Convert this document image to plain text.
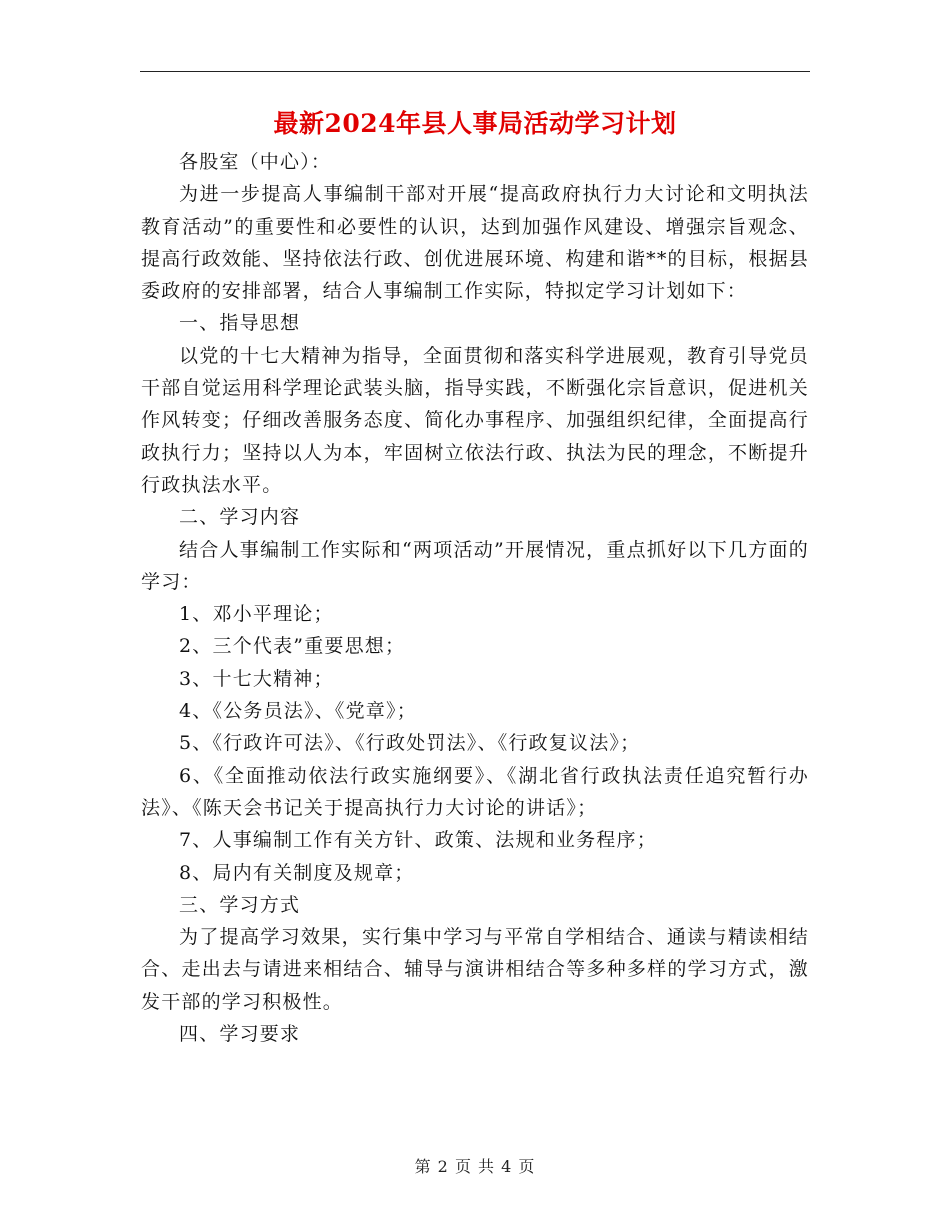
最新2024年县人事局活动学习计划

各股室（中心）：

为进一步提高人事编制干部对开展“提高政府执行力大讨论和文明执法教育活动”的重要性和必要性的认识，达到加强作风建设、增强宗旨观念、提高行政效能、坚持依法行政、创优进展环境、构建和谐**的目标，根据县委政府的安排部署，结合人事编制工作实际，特拟定学习计划如下：

一、指导思想

以党的十七大精神为指导，全面贯彻和落实科学进展观，教育引导党员干部自觉运用科学理论武装头脑，指导实践，不断强化宗旨意识，促进机关作风转变；仔细改善服务态度、简化办事程序、加强组织纪律，全面提高行政执行力；坚持以人为本，牢固树立依法行政、执法为民的理念，不断提升行政执法水平。

二、学习内容

结合人事编制工作实际和“两项活动”开展情况，重点抓好以下几方面的学习：

1、邓小平理论；

2、三个代表”重要思想；

3、十七大精神；

4、《公务员法》、《党章》；

5、《行政许可法》、《行政处罚法》、《行政复议法》；

6、《全面推动依法行政实施纲要》、《湖北省行政执法责任追究暂行办法》、《陈天会书记关于提高执行力大讨论的讲话》；

7、人事编制工作有关方针、政策、法规和业务程序；

8、局内有关制度及规章；

三、学习方式

为了提高学习效果，实行集中学习与平常自学相结合、通读与精读相结合、走出去与请进来相结合、辅导与演讲相结合等多种多样的学习方式，激发干部的学习积极性。

四、学习要求

第 2 页 共 4 页
